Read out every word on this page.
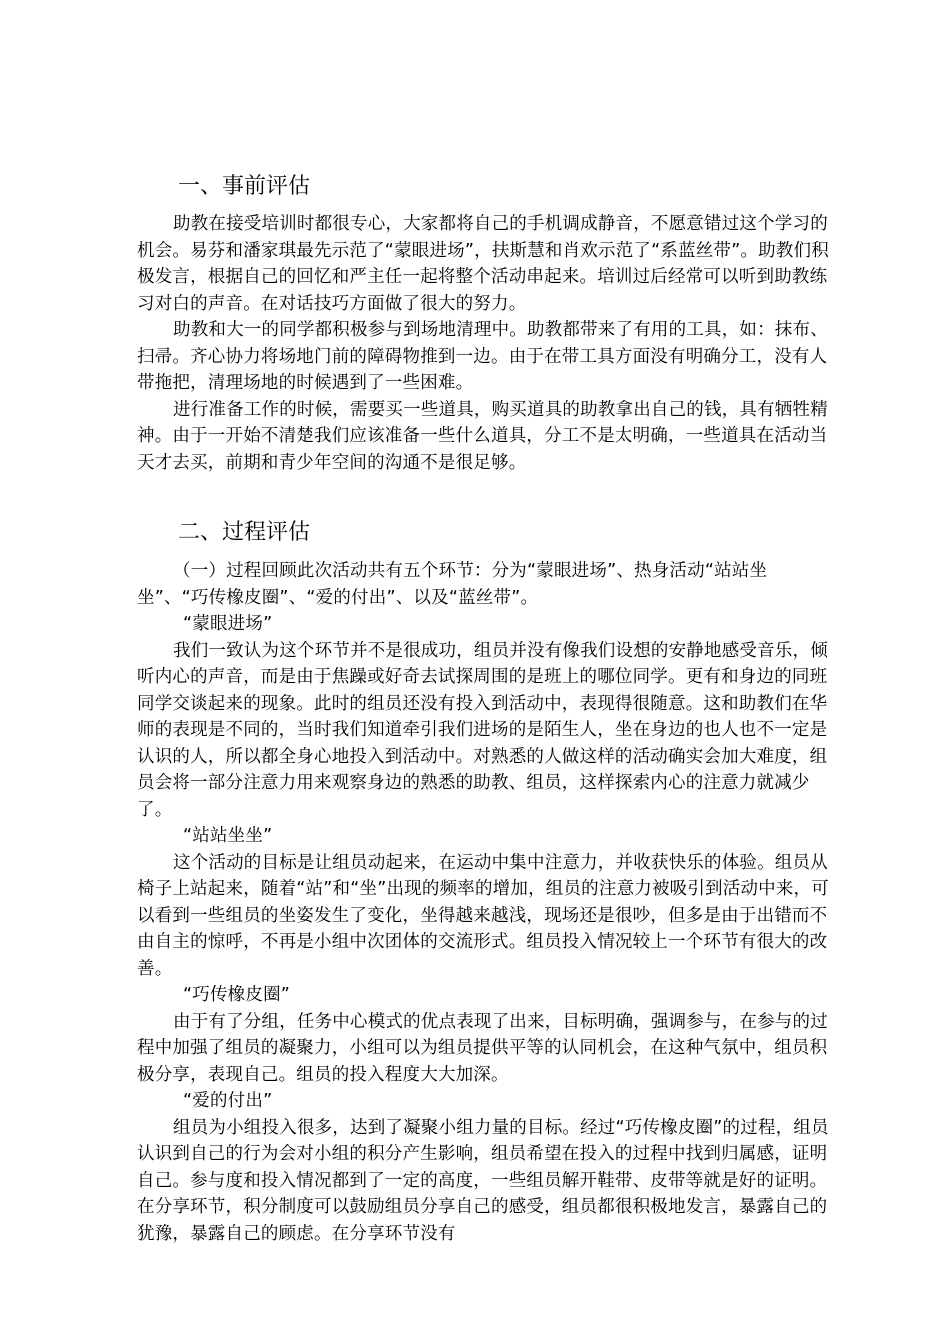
一、事前评估

助教在接受培训时都很专心，大家都将自己的手机调成静音，不愿意错过这个学习的机会。易芬和潘家琪最先示范了“蒙眼进场”，扶斯慧和肖欢示范了“系蓝丝带”。助教们积极发言，根据自己的回忆和严主任一起将整个活动串起来。培训过后经常可以听到助教练习对白的声音。在对话技巧方面做了很大的努力。

助教和大一的同学都积极参与到场地清理中。助教都带来了有用的工具，如：抹布、扫帚。齐心协力将场地门前的障碍物推到一边。由于在带工具方面没有明确分工，没有人带拖把，清理场地的时候遇到了一些困难。

进行准备工作的时候，需要买一些道具，购买道具的助教拿出自己的钱，具有牺牲精神。由于一开始不清楚我们应该准备一些什么道具，分工不是太明确，一些道具在活动当天才去买，前期和青少年空间的沟通不是很足够。

二、过程评估

（一）过程回顾此次活动共有五个环节：分为“蒙眼进场”、热身活动“站站坐坐”、“巧传橡皮圈”、“爱的付出”、以及“蓝丝带”。

“蒙眼进场”

我们一致认为这个环节并不是很成功，组员并没有像我们设想的安静地感受音乐，倾听内心的声音，而是由于焦躁或好奇去试探周围的是班上的哪位同学。更有和身边的同班同学交谈起来的现象。此时的组员还没有投入到活动中，表现得很随意。这和助教们在华师的表现是不同的，当时我们知道牵引我们进场的是陌生人，坐在身边的也人也不一定是认识的人，所以都全身心地投入到活动中。对熟悉的人做这样的活动确实会加大难度，组员会将一部分注意力用来观察身边的熟悉的助教、组员，这样探索内心的注意力就减少了。

“站站坐坐”

这个活动的目标是让组员动起来，在运动中集中注意力，并收获快乐的体验。组员从椅子上站起来，随着“站”和“坐”出现的频率的增加，组员的注意力被吸引到活动中来，可以看到一些组员的坐姿发生了变化，坐得越来越浅，现场还是很吵，但多是由于出错而不由自主的惊呼，不再是小组中次团体的交流形式。组员投入情况较上一个环节有很大的改善。

“巧传橡皮圈”

由于有了分组，任务中心模式的优点表现了出来，目标明确，强调参与，在参与的过程中加强了组员的凝聚力，小组可以为组员提供平等的认同机会，在这种气氛中，组员积极分享，表现自己。组员的投入程度大大加深。

“爱的付出”

组员为小组投入很多，达到了凝聚小组力量的目标。经过“巧传橡皮圈”的过程，组员认识到自己的行为会对小组的积分产生影响，组员希望在投入的过程中找到归属感，证明自己。参与度和投入情况都到了一定的高度，一些组员解开鞋带、皮带等就是好的证明。在分享环节，积分制度可以鼓励组员分享自己的感受，组员都很积极地发言，暴露自己的犹豫，暴露自己的顾虑。在分享环节没有
